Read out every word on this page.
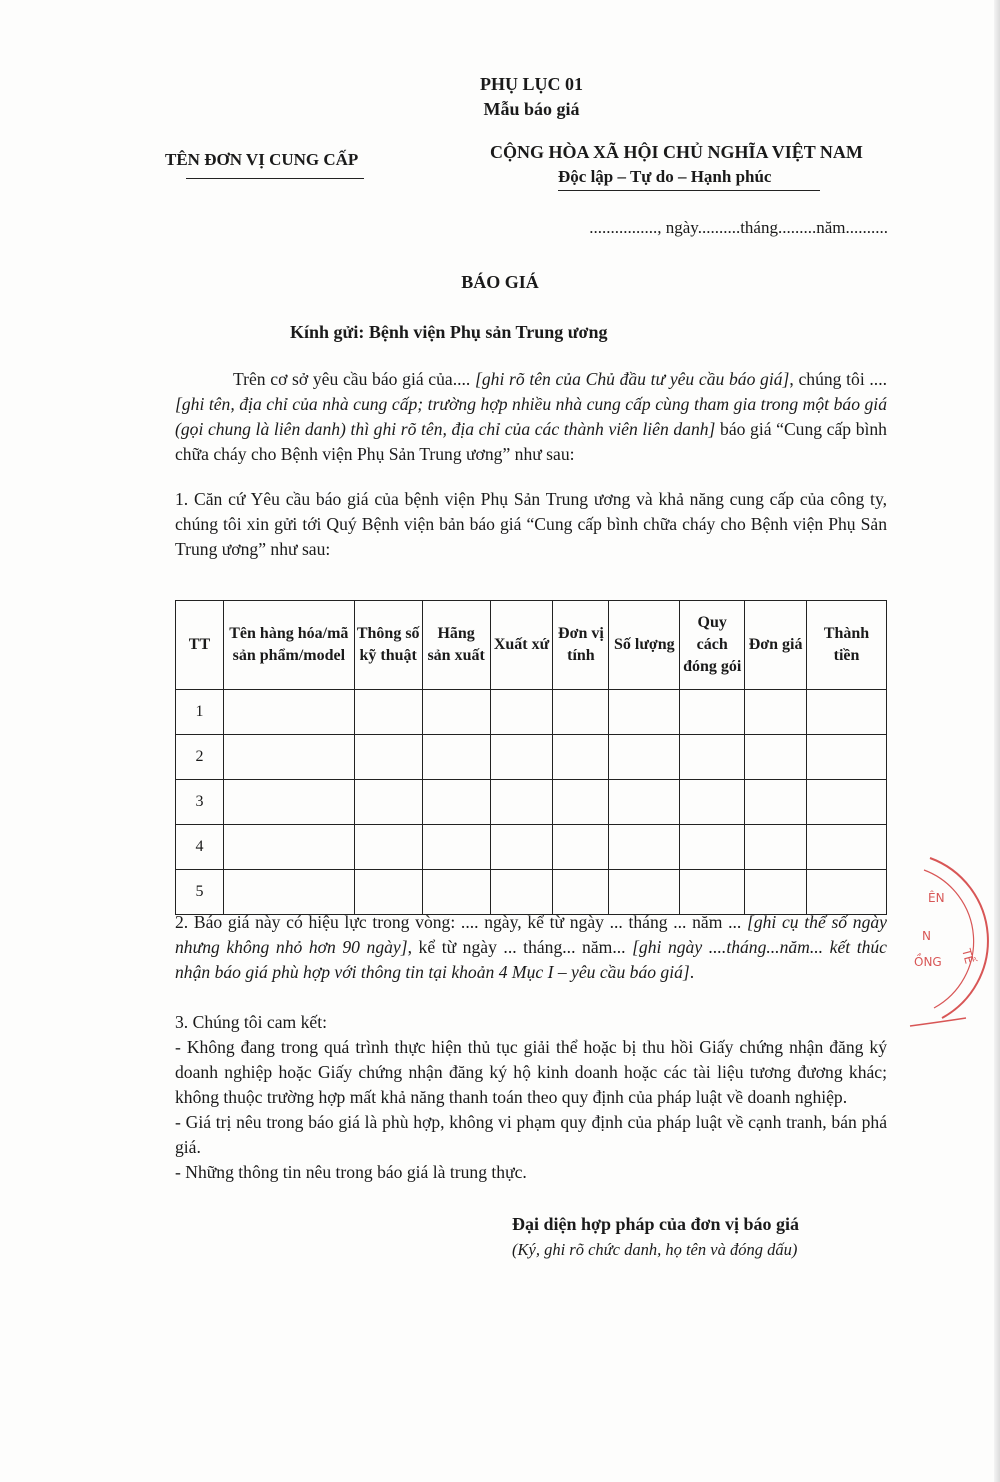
PHỤ LỤC 01
Mẫu báo giá
TÊN ĐƠN VỊ CUNG CẤP	CỘNG HÒA XÃ HỘI CHỦ NGHĨA VIỆT NAM
Độc lập – Tự do – Hạnh phúc
................, ngày..........tháng.........năm..........
BÁO GIÁ
Kính gửi: Bệnh viện Phụ sản Trung ương
Trên cơ sở yêu cầu báo giá của.... [ghi rõ tên của Chủ đầu tư yêu cầu báo giá], chúng tôi .... [ghi tên, địa chỉ của nhà cung cấp; trường hợp nhiều nhà cung cấp cùng tham gia trong một báo giá (gọi chung là liên danh) thì ghi rõ tên, địa chỉ của các thành viên liên danh] báo giá “Cung cấp bình chữa cháy cho Bệnh viện Phụ Sản Trung ương” như sau:
1. Căn cứ Yêu cầu báo giá của bệnh viện Phụ Sản Trung ương và khả năng cung cấp của công ty, chúng tôi xin gửi tới Quý Bệnh viện bản báo giá “Cung cấp bình chữa cháy cho Bệnh viện Phụ Sản Trung ương” như sau:
TT	Tên hàng hóa/mã sản phẩm/model	Thông số kỹ thuật	Hãng sản xuất	Xuất xứ	Đơn vị tính	Số lượng	Quy cách đóng gói	Đơn giá	Thành tiền
1									
2									
3									
4									
5									
2. Báo giá này có hiệu lực trong vòng: .... ngày, kể từ ngày ... tháng ... năm ... [ghi cụ thể số ngày nhưng không nhỏ hơn 90 ngày], kể từ ngày ... tháng... năm... [ghi ngày ....tháng...năm... kết thúc nhận báo giá phù hợp với thông tin tại khoản 4 Mục I – yêu cầu báo giá].
3. Chúng tôi cam kết:
- Không đang trong quá trình thực hiện thủ tục giải thể hoặc bị thu hồi Giấy chứng nhận đăng ký doanh nghiệp hoặc Giấy chứng nhận đăng ký hộ kinh doanh hoặc các tài liệu tương đương khác; không thuộc trường hợp mất khả năng thanh toán theo quy định của pháp luật về doanh nghiệp.
- Giá trị nêu trong báo giá là phù hợp, không vi phạm quy định của pháp luật về cạnh tranh, bán phá giá.
- Những thông tin nêu trong báo giá là trung thực.
Đại diện hợp pháp của đơn vị báo giá
(Ký, ghi rõ chức danh, họ tên và đóng dấu)
ÊN
N
ỒNG TẾ
